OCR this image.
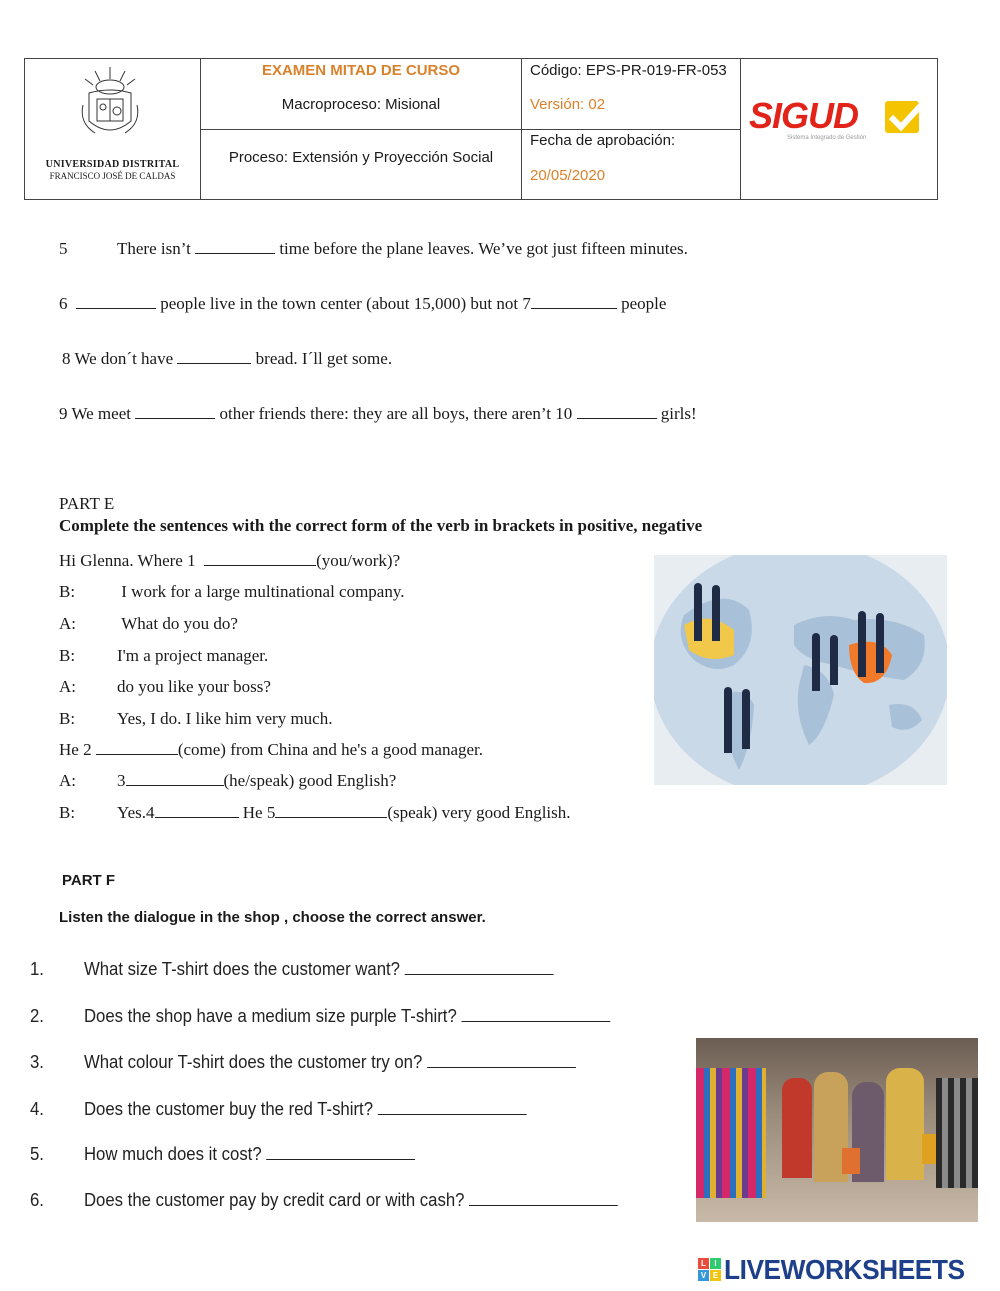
UNIVERSIDAD DISTRITAL
FRANCISCO JOSÉ DE CALDAS
EXAMEN MITAD DE CURSO
Macroproceso: Misional
Proceso: Extensión y Proyección Social
Código: EPS-PR-019-FR-053
Versión: 02
Fecha de aprobación:
20/05/2020
SIGUD
Sistema Integrado de Gestión
5	There isn’t	time before the plane leaves. We’ve got just fifteen minutes.
6	people live in the town center (about 15,000) but not 7	people
8 We don´t have	bread. I´ll get some.
9 We meet	other friends there: they are all boys, there aren’t 10	girls!
PART E
Complete the sentences with the correct form of the verb in brackets in positive, negative
Hi Glenna. Where 1	(you/work)?
B:	I work for a large multinational company.
A:	What do you do?
B: I'm a project manager.
A: do you like your boss?
B: Yes, I do. I like him very much.
He 2	(come) from China and he's a good manager.
A: 3	(he/speak) good English?
B: Yes.4	He 5	(speak) very good English.
PART F
Listen the dialogue in the shop , choose the correct answer.
1. What size T-shirt does the customer want?
2. Does the shop have a medium size purple T-shirt?
3. What colour T-shirt does the customer try on?
4. Does the customer buy the red T-shirt?
5. How much does it cost?
6. Does the customer pay by credit card or with cash?
L	I
V E LIVEWORKSHEETS
